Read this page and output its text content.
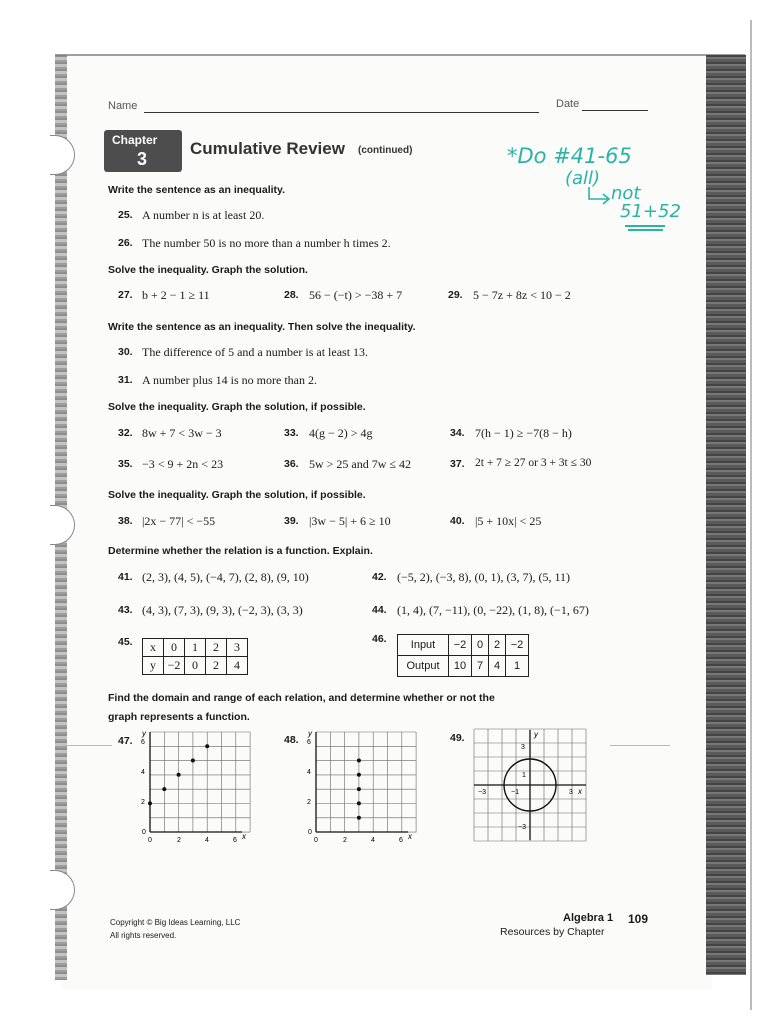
Name	Date
Chapter
3
Cumulative Review (continued)	*Do #41-65
(all)
not
51+52
Write the sentence as an inequality.
25. A number n is at least 20.
26. The number 50 is no more than a number h times 2.
Solve the inequality. Graph the solution.
27. b + 2 − 1 ≥ 11	28. 56 − (−t) > −38 + 7	29. 5 − 7z + 8z < 10 − 2
Write the sentence as an inequality. Then solve the inequality.
30. The difference of 5 and a number is at least 13.
31. A number plus 14 is no more than 2.
Solve the inequality. Graph the solution, if possible.
32. 8w + 7 < 3w − 3	33. 4(g − 2) > 4g	34. 7(h − 1) ≥ −7(8 − h)
35. −3 < 9 + 2n < 23	36. 5w > 25 and 7w ≤ 42	37. 2t + 7 ≥ 27 or 3 + 3t ≤ 30
Solve the inequality. Graph the solution, if possible.
38. |2x − 77| < −55	39. |3w − 5| + 6 ≥ 10	40. |5 + 10x| < 25
Determine whether the relation is a function. Explain.
41. (2, 3), (4, 5), (−4, 7), (2, 8), (9, 10)	42. (−5, 2), (−3, 8), (0, 1), (3, 7), (5, 11)
43. (4, 3), (7, 3), (9, 3), (−2, 3), (3, 3)	44. (1, 4), (7, −11), (0, −22), (1, 8), (−1, 67)
45. x	0	1	2	3
y	−2	0	2	4
46. Input	−2	0	2	−2
Output	10	7	4	1
Find the domain and range of each relation, and determine whether or not the
graph represents a function.
47.	48.	49.
y
x
6
4
2
0
0	2	4	6
y
x
6
4
2
0
0	2	4	6
y
x
3
−3
−3	−1
1
3
Copyright © Big Ideas Learning, LLC
All rights reserved.
Algebra 1 109
Resources by Chapter
